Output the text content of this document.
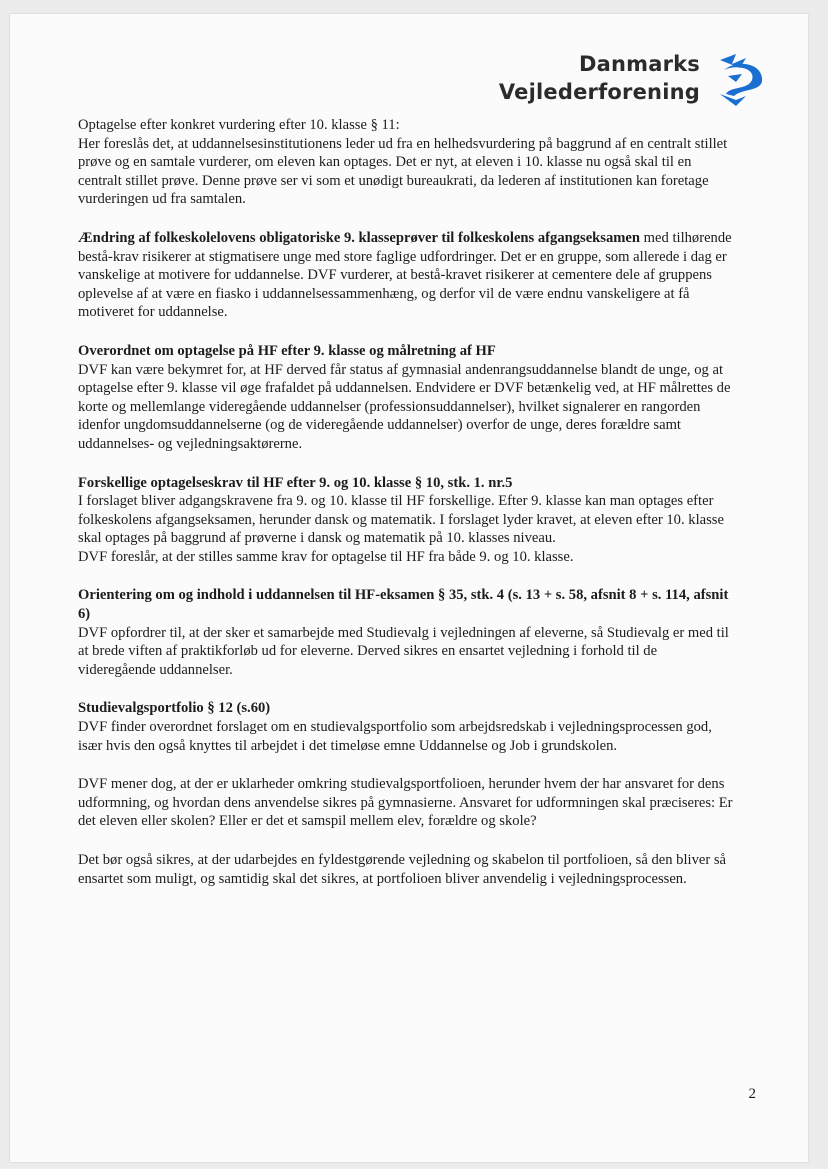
Danmarks
Vejlederforening

Optagelse efter konkret vurdering efter 10. klasse § 11:

Her foreslås det, at uddannelsesinstitutionens leder ud fra en helhedsvurdering på baggrund af en centralt stillet prøve og en samtale vurderer, om eleven kan optages. Det er nyt, at eleven i 10. klasse nu også skal til en centralt stillet prøve. Denne prøve ser vi som et unødigt bureaukrati, da lederen af institutionen kan foretage vurderingen ud fra samtalen.

Ændring af folkeskolelovens obligatoriske 9. klasseprøver til folkeskolens afgangseksamen med tilhørende bestå-krav risikerer at stigmatisere unge med store faglige udfordringer. Det er en gruppe, som allerede i dag er vanskelige at motivere for uddannelse. DVF vurderer, at bestå-kravet risikerer at cementere dele af gruppens oplevelse af at være en fiasko i uddannelsessammenhæng, og derfor vil de være endnu vanskeligere at få motiveret for uddannelse.

Overordnet om optagelse på HF efter 9. klasse og målretning af HF

DVF kan være bekymret for, at HF derved får status af gymnasial andenrangsuddannelse blandt de unge, og at optagelse efter 9. klasse vil øge frafaldet på uddannelsen. Endvidere er DVF betænkelig ved, at HF målrettes de korte og mellemlange videregående uddannelser (professionsuddannelser), hvilket signalerer en rangorden idenfor ungdomsuddannelserne (og de videregående uddannelser) overfor de unge, deres forældre samt uddannelses- og vejledningsaktørerne.

Forskellige optagelseskrav til HF efter 9. og 10. klasse § 10, stk. 1. nr.5

I forslaget bliver adgangskravene fra 9. og 10. klasse til HF forskellige. Efter 9. klasse kan man optages efter folkeskolens afgangseksamen, herunder dansk og matematik. I forslaget lyder kravet, at eleven efter 10. klasse skal optages på baggrund af prøverne i dansk og matematik på 10. klasses niveau.

DVF foreslår, at der stilles samme krav for optagelse til HF fra både 9. og 10. klasse.

Orientering om og indhold i uddannelsen til HF-eksamen § 35, stk. 4 (s. 13 + s. 58, afsnit 8 + s. 114, afsnit 6)

DVF opfordrer til, at der sker et samarbejde med Studievalg i vejledningen af eleverne, så Studievalg er med til at brede viften af praktikforløb ud for eleverne. Derved sikres en ensartet vejledning i forhold til de videregående uddannelser.

Studievalgsportfolio § 12 (s.60)

DVF finder overordnet forslaget om en studievalgsportfolio som arbejdsredskab i vejledningsprocessen god, især hvis den også knyttes til arbejdet i det timeløse emne Uddannelse og Job i grundskolen.

DVF mener dog, at der er uklarheder omkring studievalgsportfolioen, herunder hvem der har ansvaret for dens udformning, og hvordan dens anvendelse sikres på gymnasierne. Ansvaret for udformningen skal præciseres: Er det eleven eller skolen? Eller er det et samspil mellem elev, forældre og skole?

Det bør også sikres, at der udarbejdes en fyldestgørende vejledning og skabelon til portfolioen, så den bliver så ensartet som muligt, og samtidig skal det sikres, at portfolioen bliver anvendelig i vejledningsprocessen.

2
